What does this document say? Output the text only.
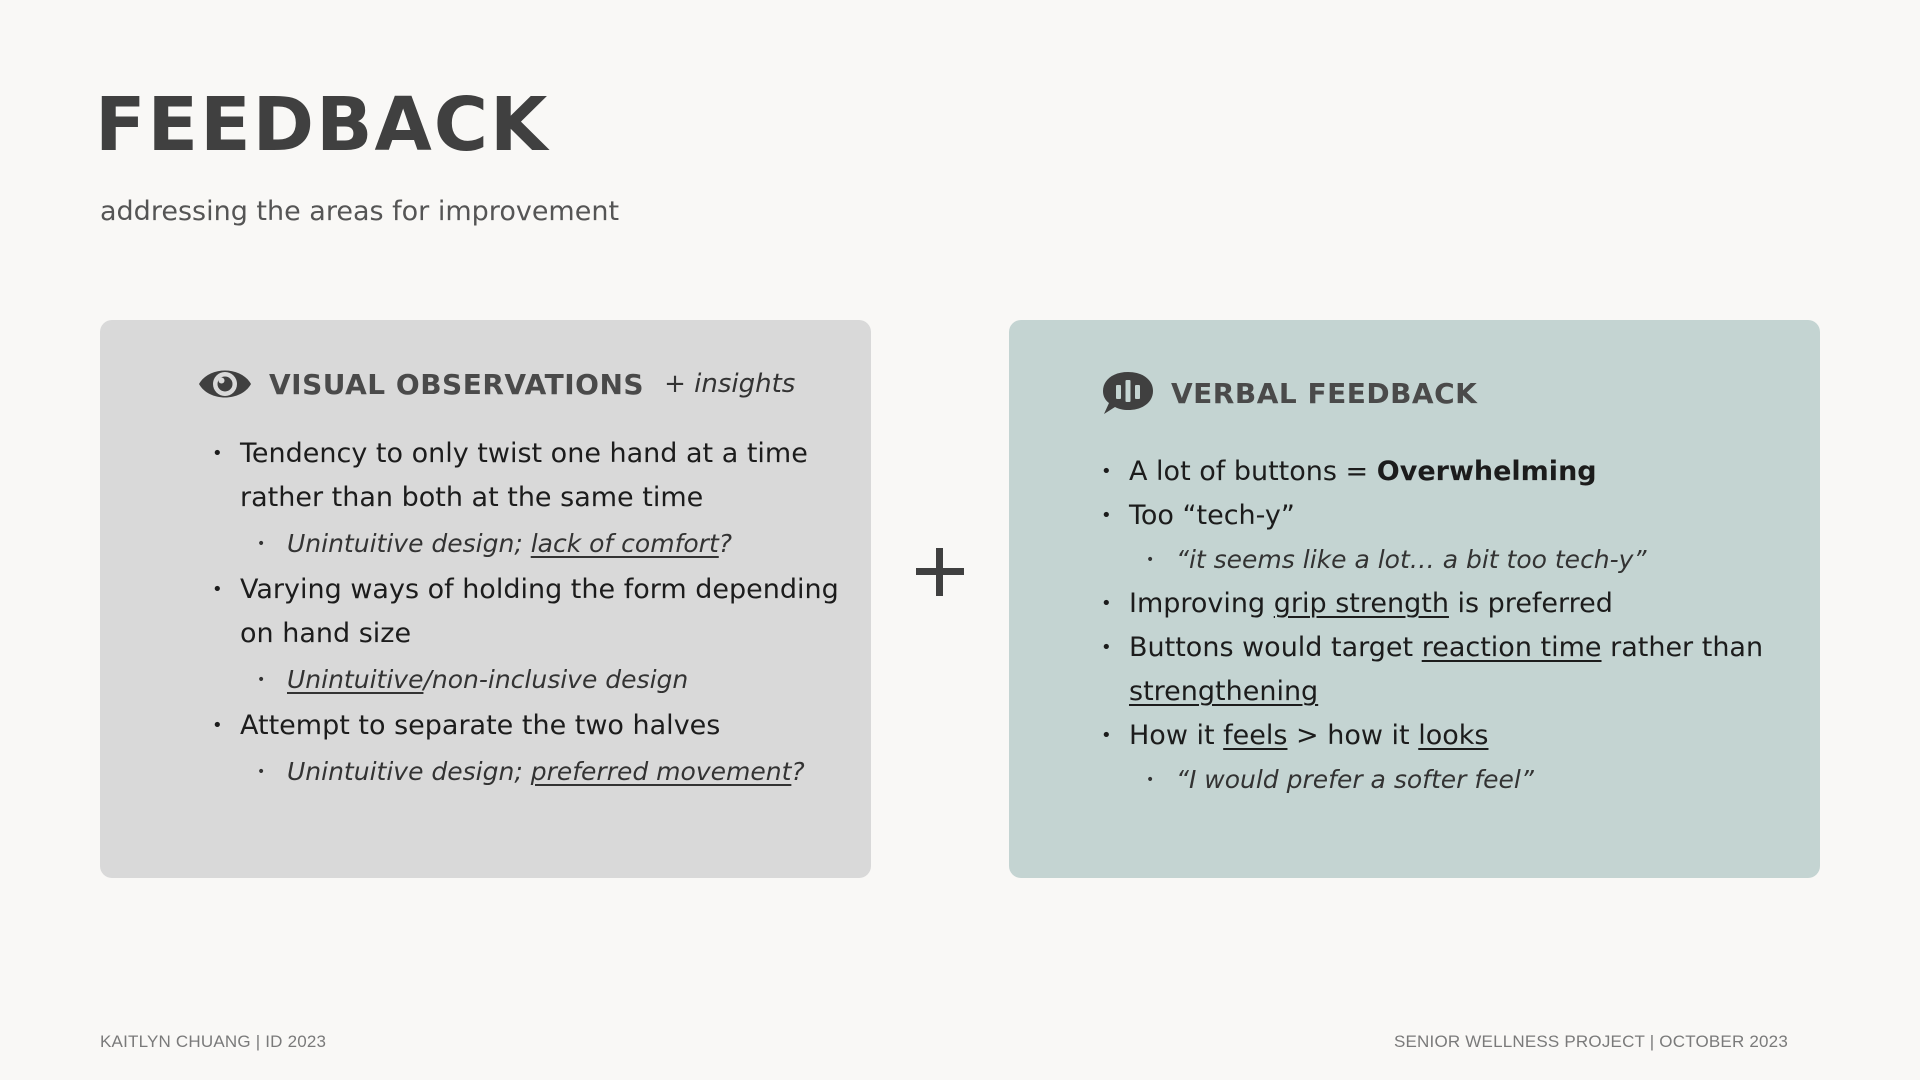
FEEDBACK
addressing the areas for improvement
VISUAL OBSERVATIONS + insights
• Tendency to only twist one hand at a time rather than both at the same time
• Unintuitive design; lack of comfort?
• Varying ways of holding the form depending on hand size
• Unintuitive/non-inclusive design
• Attempt to separate the two halves
• Unintuitive design; preferred movement?
VERBAL FEEDBACK
• A lot of buttons = Overwhelming
• Too “tech-y”
• “it seems like a lot… a bit too tech-y”
• Improving grip strength is preferred
• Buttons would target reaction time rather than strengthening
• How it feels > how it looks
• “I would prefer a softer feel”
KAITLYN CHUANG | ID 2023	SENIOR WELLNESS PROJECT | OCTOBER 2023
